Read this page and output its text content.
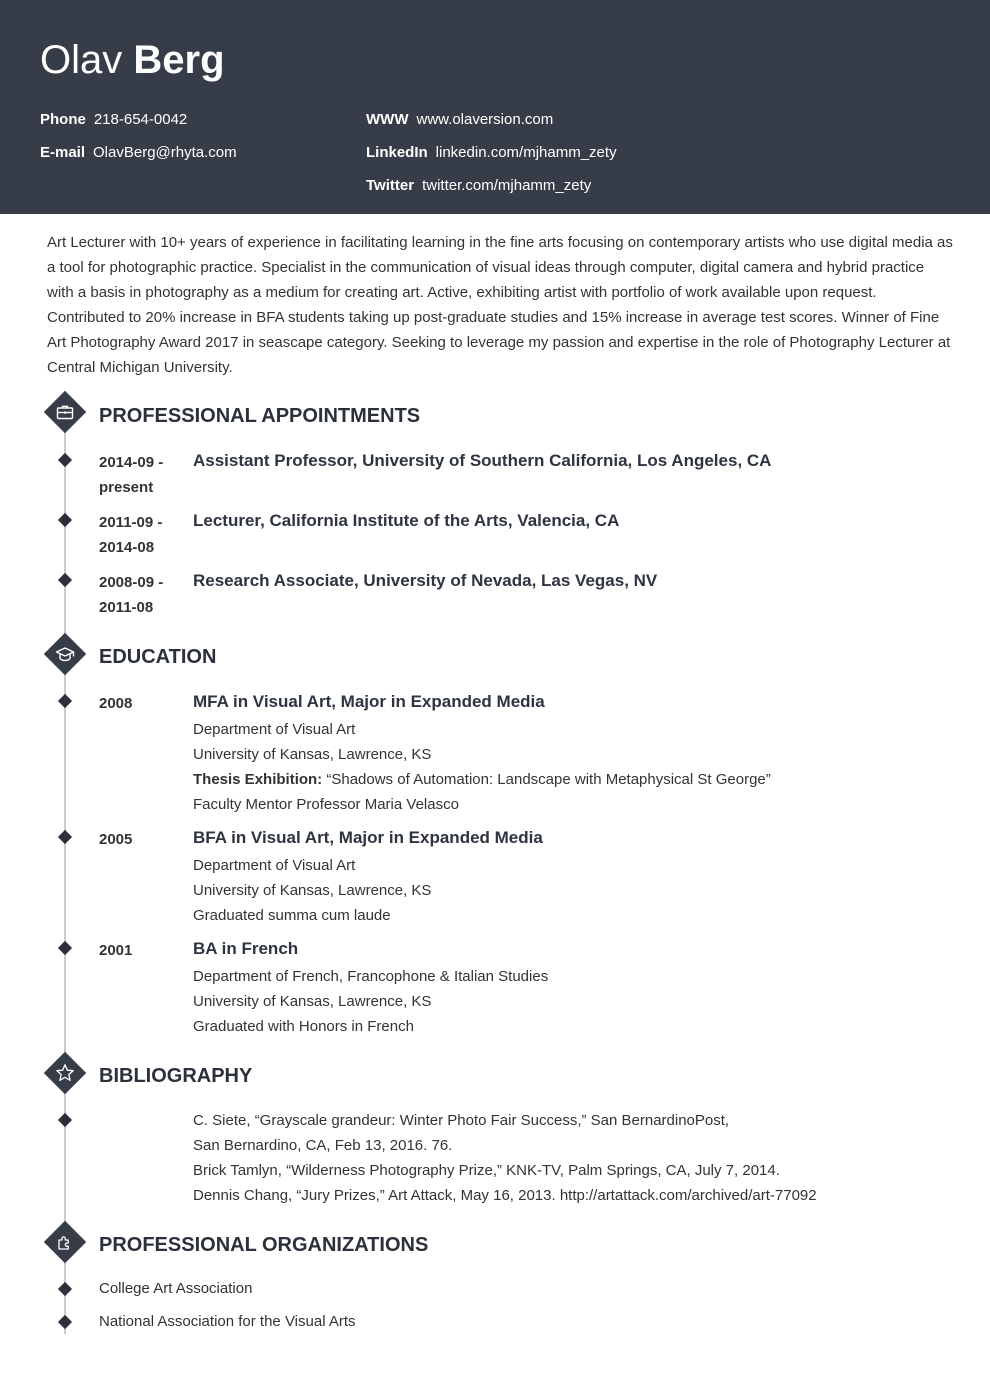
Olav Berg
Phone 218-654-0042
E-mail OlavBerg@rhyta.com
WWW www.olaversion.com
LinkedIn linkedin.com/mjhamm_zety
Twitter twitter.com/mjhamm_zety

Art Lecturer with 10+ years of experience in facilitating learning in the fine arts focusing on contemporary artists who use digital media as a tool for photographic practice. Specialist in the communication of visual ideas through computer, digital camera and hybrid practice with a basis in photography as a medium for creating art. Active, exhibiting artist with portfolio of work available upon request. Contributed to 20% increase in BFA students taking up post-graduate studies and 15% increase in average test scores. Winner of Fine Art Photography Award 2017 in seascape category. Seeking to leverage my passion and expertise in the role of Photography Lecturer at Central Michigan University.

PROFESSIONAL APPOINTMENTS
2014-09 - present
Assistant Professor, University of Southern California, Los Angeles, CA
2011-09 - 2014-08
Lecturer, California Institute of the Arts, Valencia, CA
2008-09 - 2011-08
Research Associate, University of Nevada, Las Vegas, NV
EDUCATION
2008	MFA in Visual Art, Major in Expanded Media
Department of Visual Art
University of Kansas, Lawrence, KS
Thesis Exhibition: “Shadows of Automation: Landscape with Metaphysical St George”
Faculty Mentor Professor Maria Velasco
2005	BFA in Visual Art, Major in Expanded Media
Department of Visual Art
University of Kansas, Lawrence, KS
Graduated summa cum laude
2001	BA in French
Department of French, Francophone & Italian Studies
University of Kansas, Lawrence, KS
Graduated with Honors in French
BIBLIOGRAPHY
C. Siete, “Grayscale grandeur: Winter Photo Fair Success,” San BernardinoPost,
San Bernardino, CA, Feb 13, 2016. 76.
Brick Tamlyn, “Wilderness Photography Prize,” KNK-TV, Palm Springs, CA, July 7, 2014.
Dennis Chang, “Jury Prizes,” Art Attack, May 16, 2013. http://artattack.com/archived/art-77092
PROFESSIONAL ORGANIZATIONS
College Art Association
National Association for the Visual Arts
